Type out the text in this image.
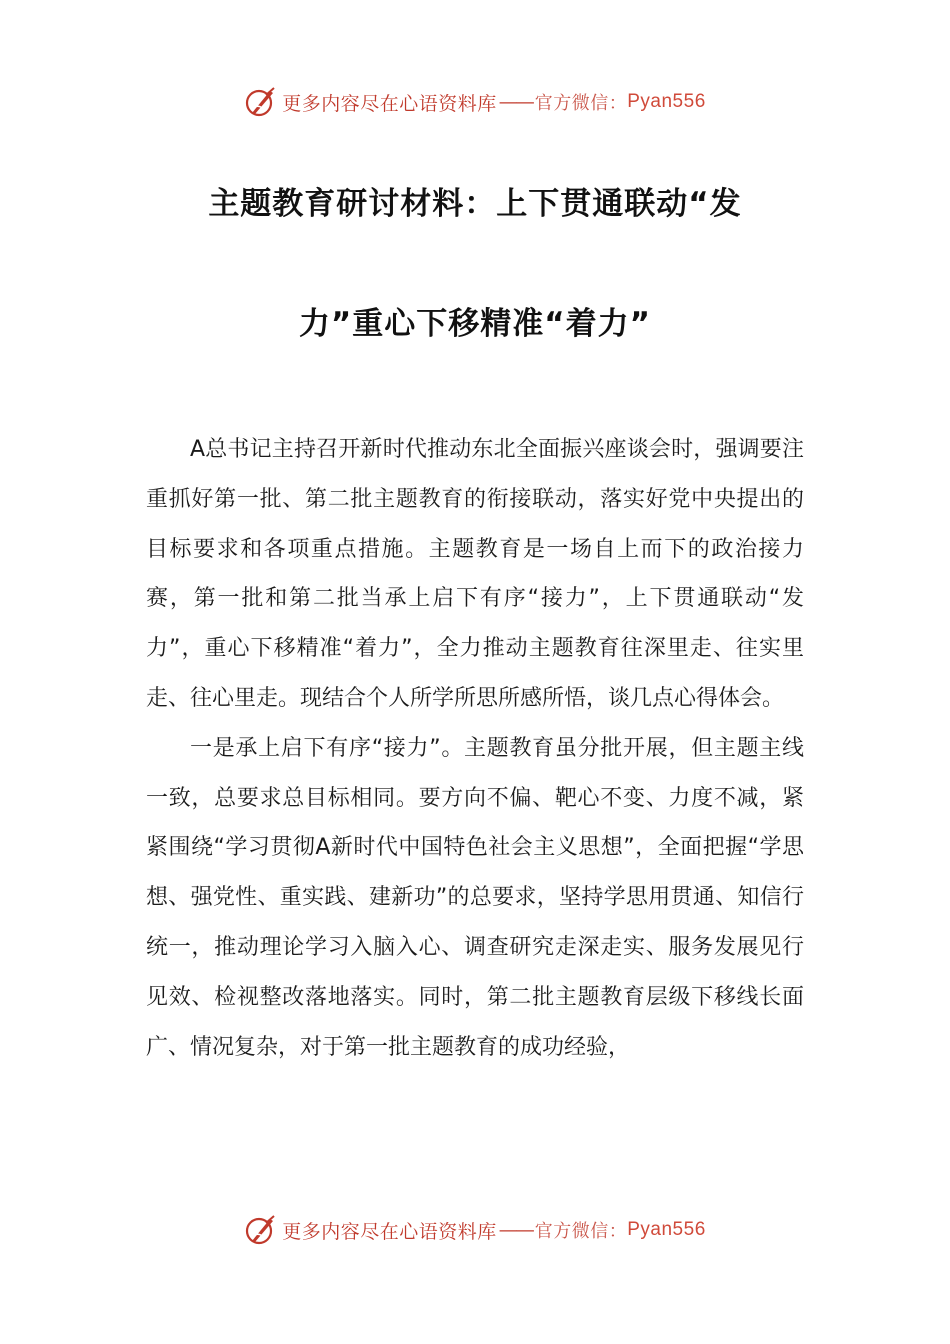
更多内容尽在心语资料库 —— 官方微信： Pyan556
主题教育研讨材料：上下贯通联动“发
力”重心下移精准“着力”

A总书记主持召开新时代推动东北全面振兴座谈会时，强调要注重抓好第一批、第二批主题教育的衔接联动，落实好党中央提出的目标要求和各项重点措施。主题教育是一场自上而下的政治接力赛，第一批和第二批当承上启下有序“接力”，上下贯通联动“发力”，重心下移精准“着力”，全力推动主题教育往深里走、往实里走、往心里走。现结合个人所学所思所感所悟，谈几点心得体会。

一是承上启下有序“接力”。主题教育虽分批开展，但主题主线一致，总要求总目标相同。要方向不偏、靶心不变、力度不减，紧紧围绕“学习贯彻A新时代中国特色社会主义思想”，全面把握“学思想、强党性、重实践、建新功”的总要求，坚持学思用贯通、知信行统一，推动理论学习入脑入心、调查研究走深走实、服务发展见行见效、检视整改落地落实。同时，第二批主题教育层级下移线长面广、情况复杂，对于第一批主题教育的成功经验，

更多内容尽在心语资料库 —— 官方微信： Pyan556
